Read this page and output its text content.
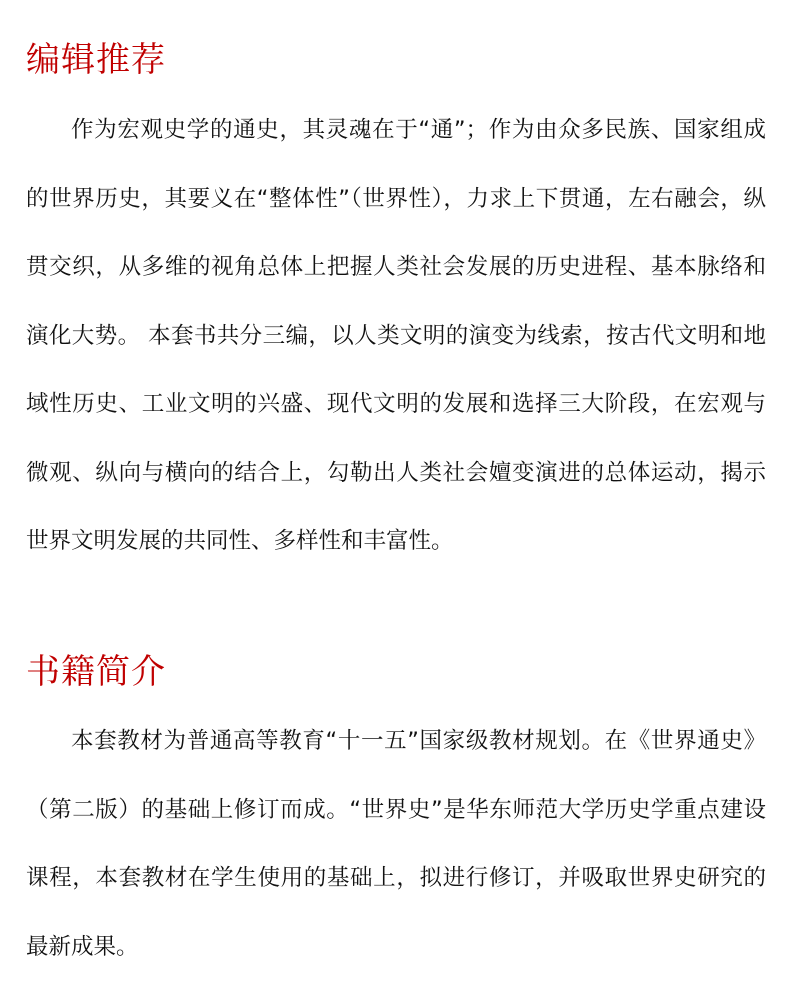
编辑推荐

作为宏观史学的通史，其灵魂在于“通”；作为由众多民族、国家组成的世界历史，其要义在“整体性”（世界性），力求上下贯通，左右融会，纵贯交织，从多维的视角总体上把握人类社会发展的历史进程、基本脉络和演化大势。 本套书共分三编，以人类文明的演变为线索，按古代文明和地域性历史、工业文明的兴盛、现代文明的发展和选择三大阶段，在宏观与微观、纵向与横向的结合上，勾勒出人类社会嬗变演进的总体运动，揭示世界文明发展的共同性、多样性和丰富性。

书籍简介

本套教材为普通高等教育“十一五”国家级教材规划。在《世界通史》（第二版）的基础上修订而成。“世界史”是华东师范大学历史学重点建设课程，本套教材在学生使用的基础上，拟进行修订，并吸取世界史研究的最新成果。
